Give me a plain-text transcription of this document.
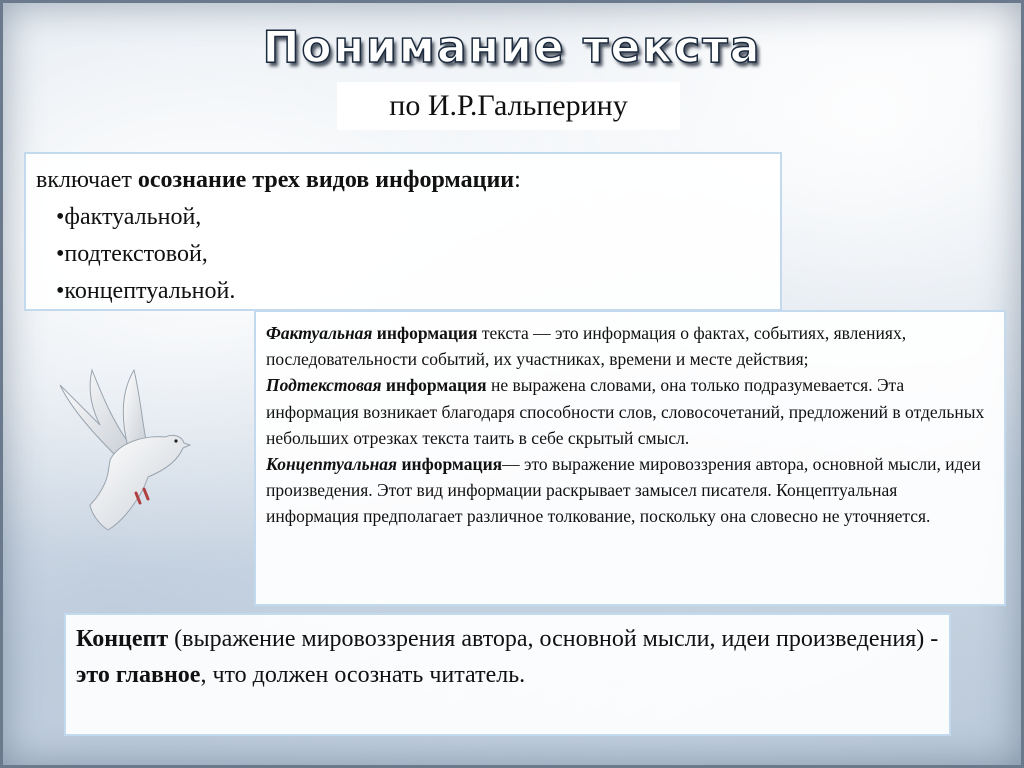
Понимание текста
по И.Р.Гальперину
включает осознание трех видов информации:
• фактуальной,
• подтекстовой,
• концептуальной.
Фактуальная информация текста — это информация о фактах, событиях, явлениях, последовательности событий, их участниках, времени и месте действия;
Подтекстовая информация не выражена словами, она только подразумевается. Эта информация возникает благодаря способности слов, словосочетаний, предложений в отдельных небольших отрезках текста таить в себе скрытый смысл.
Концептуальная информация— это выражение мировоззрения автора, основной мысли, идеи произведения. Этот вид информации раскрывает замысел писателя. Концептуальная информация предполагает различное толкование, поскольку она словесно не уточняется.
Концепт (выражение мировоззрения автора, основной мысли, идеи произведения) - это главное, что должен осознать читатель.
